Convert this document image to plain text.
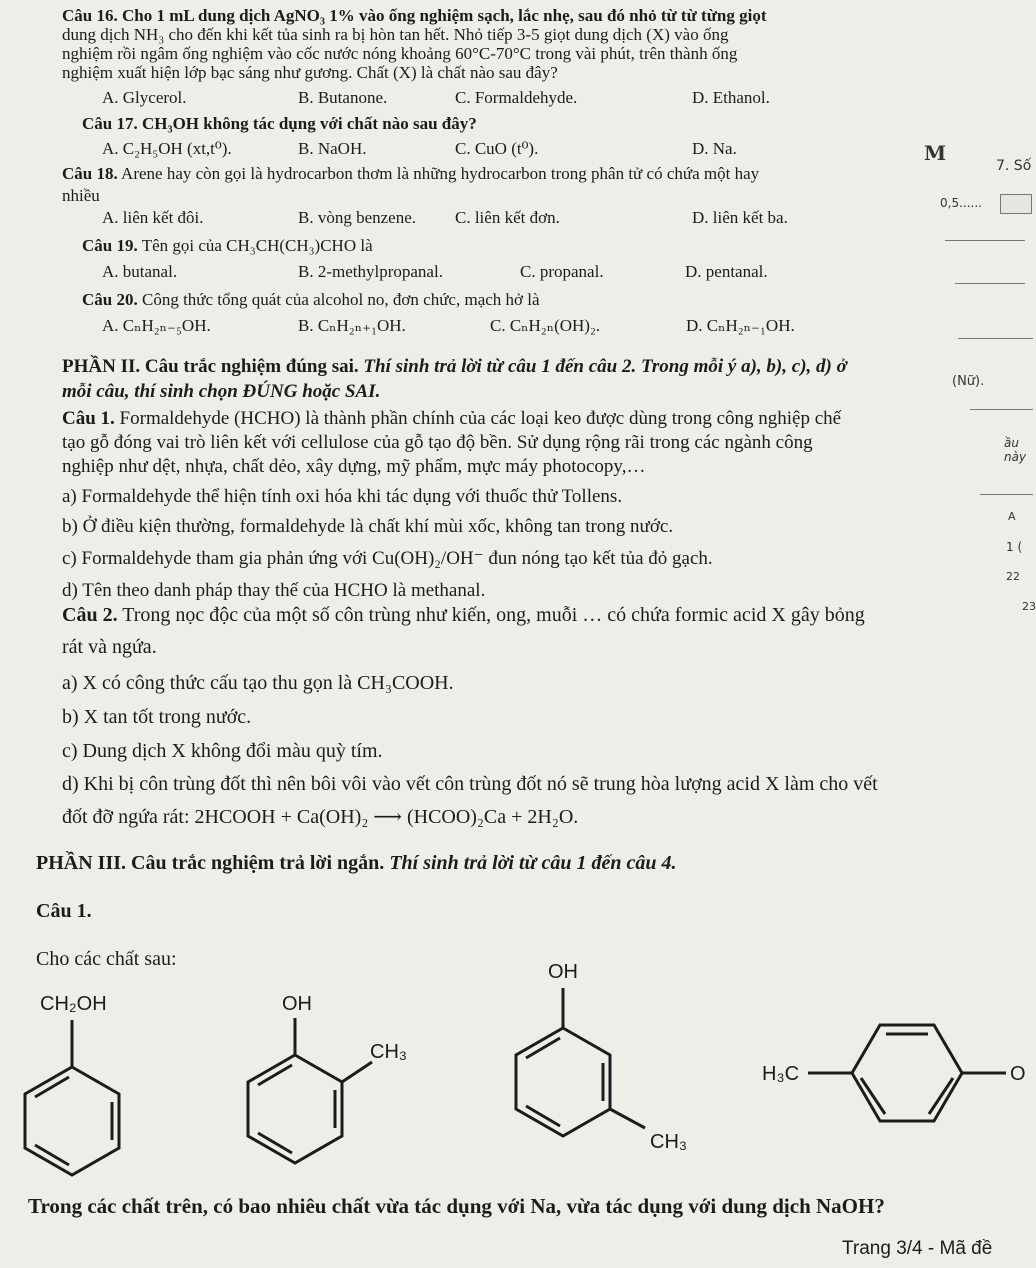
Câu 16. Cho 1 mL dung dịch AgNO₃ 1% vào ống nghiệm sạch, lắc nhẹ, sau đó nhỏ từ từ từng giọt
dung dịch NH₃ cho đến khi kết tủa sinh ra bị hòn tan hết. Nhỏ tiếp 3-5 giọt dung dịch (X) vào ống
nghiệm rồi ngâm ống nghiệm vào cốc nước nóng khoảng 60°C-70°C trong vài phút, trên thành ống
nghiệm xuất hiện lớp bạc sáng như gương. Chất (X) là chất nào sau đây?
A. Glycerol.	B. Butanone.	C. Formaldehyde.	D. Ethanol.
Câu 17. CH₃OH không tác dụng với chất nào sau đây?
A. C₂H₅OH (xt,t⁰).	B. NaOH.	C. CuO (t⁰).	D. Na.
Câu 18. Arene hay còn gọi là hydrocarbon thơm là những hydrocarbon trong phân tử có chứa một hay
nhiều
A. liên kết đôi.	B. vòng benzene. C. liên kết đơn.	D. liên kết ba.
Câu 19. Tên gọi của CH₃CH(CH₃)CHO là
A. butanal.	B. 2-methylpropanal.	C. propanal.	D. pentanal.
Câu 20. Công thức tổng quát của alcohol no, đơn chức, mạch hở là
A. CₙH₂ₙ₋₅OH.	B. CₙH₂ₙ₊₁OH.	C. CₙH₂ₙ(OH)₂.	D. CₙH₂ₙ₋₁OH.
PHẦN II. Câu trắc nghiệm đúng sai. Thí sinh trả lời từ câu 1 đến câu 2. Trong mỗi ý a), b), c), d) ở
mỗi câu, thí sinh chọn ĐÚNG hoặc SAI.
Câu 1. Formaldehyde (HCHO) là thành phần chính của các loại keo được dùng trong công nghiệp chế
tạo gỗ đóng vai trò liên kết với cellulose của gỗ tạo độ bền. Sử dụng rộng rãi trong các ngành công
nghiệp như dệt, nhựa, chất dẻo, xây dựng, mỹ phẩm, mực máy photocopy,…
a) Formaldehyde thể hiện tính oxi hóa khi tác dụng với thuốc thử Tollens.
b) Ở điều kiện thường, formaldehyde là chất khí mùi xốc, không tan trong nước.
c) Formaldehyde tham gia phản ứng với Cu(OH)₂/OH⁻ đun nóng tạo kết tủa đỏ gạch.
d) Tên theo danh pháp thay thế của HCHO là methanal.
Câu 2. Trong nọc độc của một số côn trùng như kiến, ong, muỗi … có chứa formic acid X gây bỏng
rát và ngứa.
a) X có công thức cấu tạo thu gọn là CH₃COOH.
b) X tan tốt trong nước.
c) Dung dịch X không đổi màu quỳ tím.
d) Khi bị côn trùng đốt thì nên bôi vôi vào vết côn trùng đốt nó sẽ trung hòa lượng acid X làm cho vết
đốt đỡ ngứa rát: 2HCOOH + Ca(OH)₂ ⟶ (HCOO)₂Ca + 2H₂O.
PHẦN III. Câu trắc nghiệm trả lời ngắn. Thí sinh trả lời từ câu 1 đến câu 4.
Câu 1.
Cho các chất sau:
CH₂OH	OH
CH₃
OH
CH₃
H₃C	O
Trong các chất trên, có bao nhiêu chất vừa tác dụng với Na, vừa tác dụng với dung dịch NaOH?
Trang 3/4 - Mã đề
M
7. Số
0,5......
(Nữ).
ầu này
A
1 (
22
23
